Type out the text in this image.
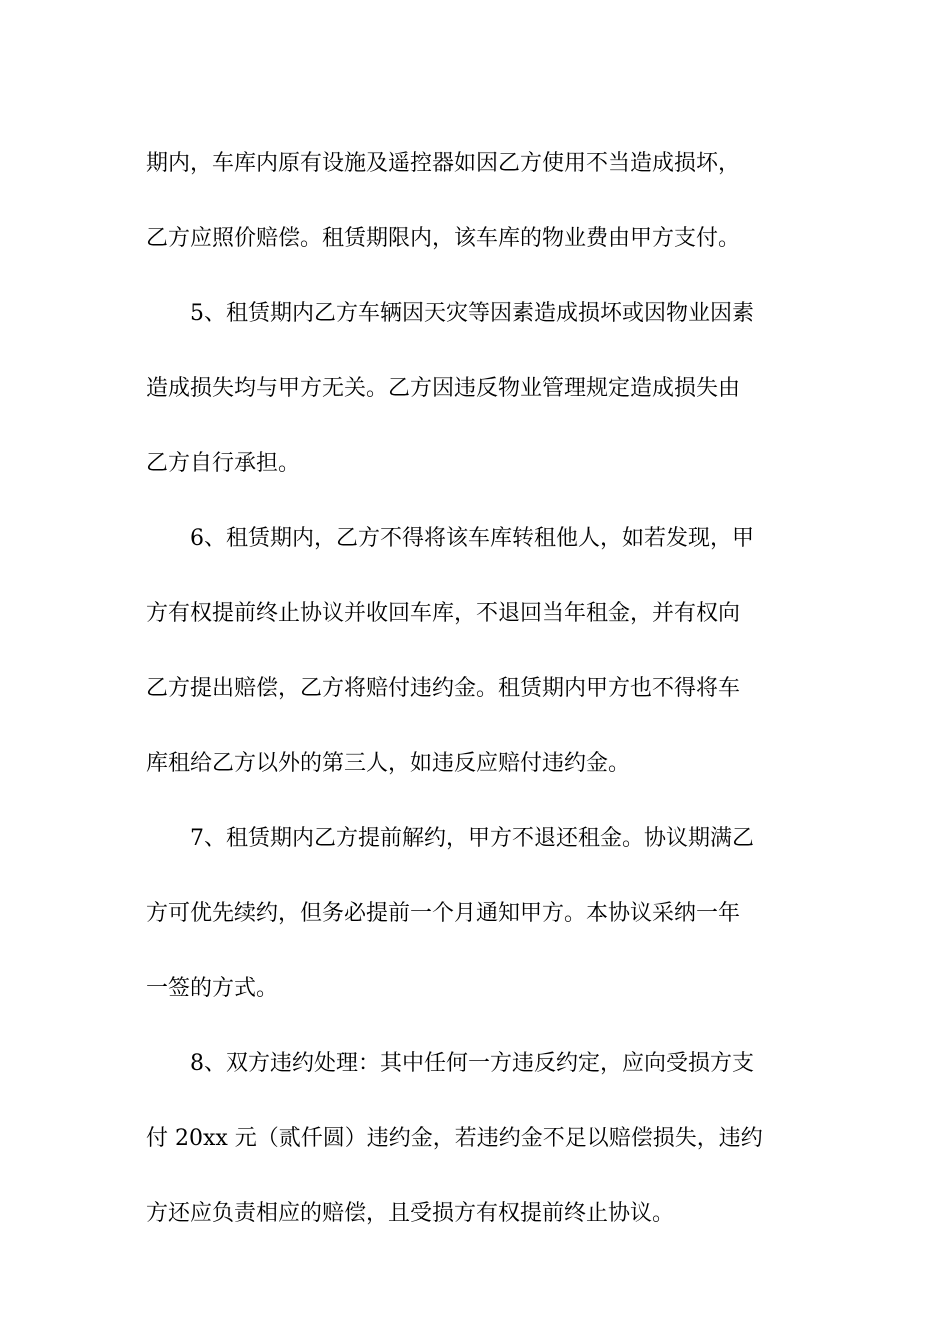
期内，车库内原有设施及遥控器如因乙方使用不当造成损坏，
乙方应照价赔偿。租赁期限内，该车库的物业费由甲方支付。
5、租赁期内乙方车辆因天灾等因素造成损坏或因物业因素
造成损失均与甲方无关。乙方因违反物业管理规定造成损失由
乙方自行承担。
6、租赁期内，乙方不得将该车库转租他人，如若发现，甲
方有权提前终止协议并收回车库，不退回当年租金，并有权向
乙方提出赔偿，乙方将赔付违约金。租赁期内甲方也不得将车
库租给乙方以外的第三人，如违反应赔付违约金。
7、租赁期内乙方提前解约，甲方不退还租金。协议期满乙
方可优先续约，但务必提前一个月通知甲方。本协议采纳一年
一签的方式。
8、双方违约处理：其中任何一方违反约定，应向受损方支
付 20xx 元（贰仟圆）违约金，若违约金不足以赔偿损失，违约
方还应负责相应的赔偿，且受损方有权提前终止协议。
